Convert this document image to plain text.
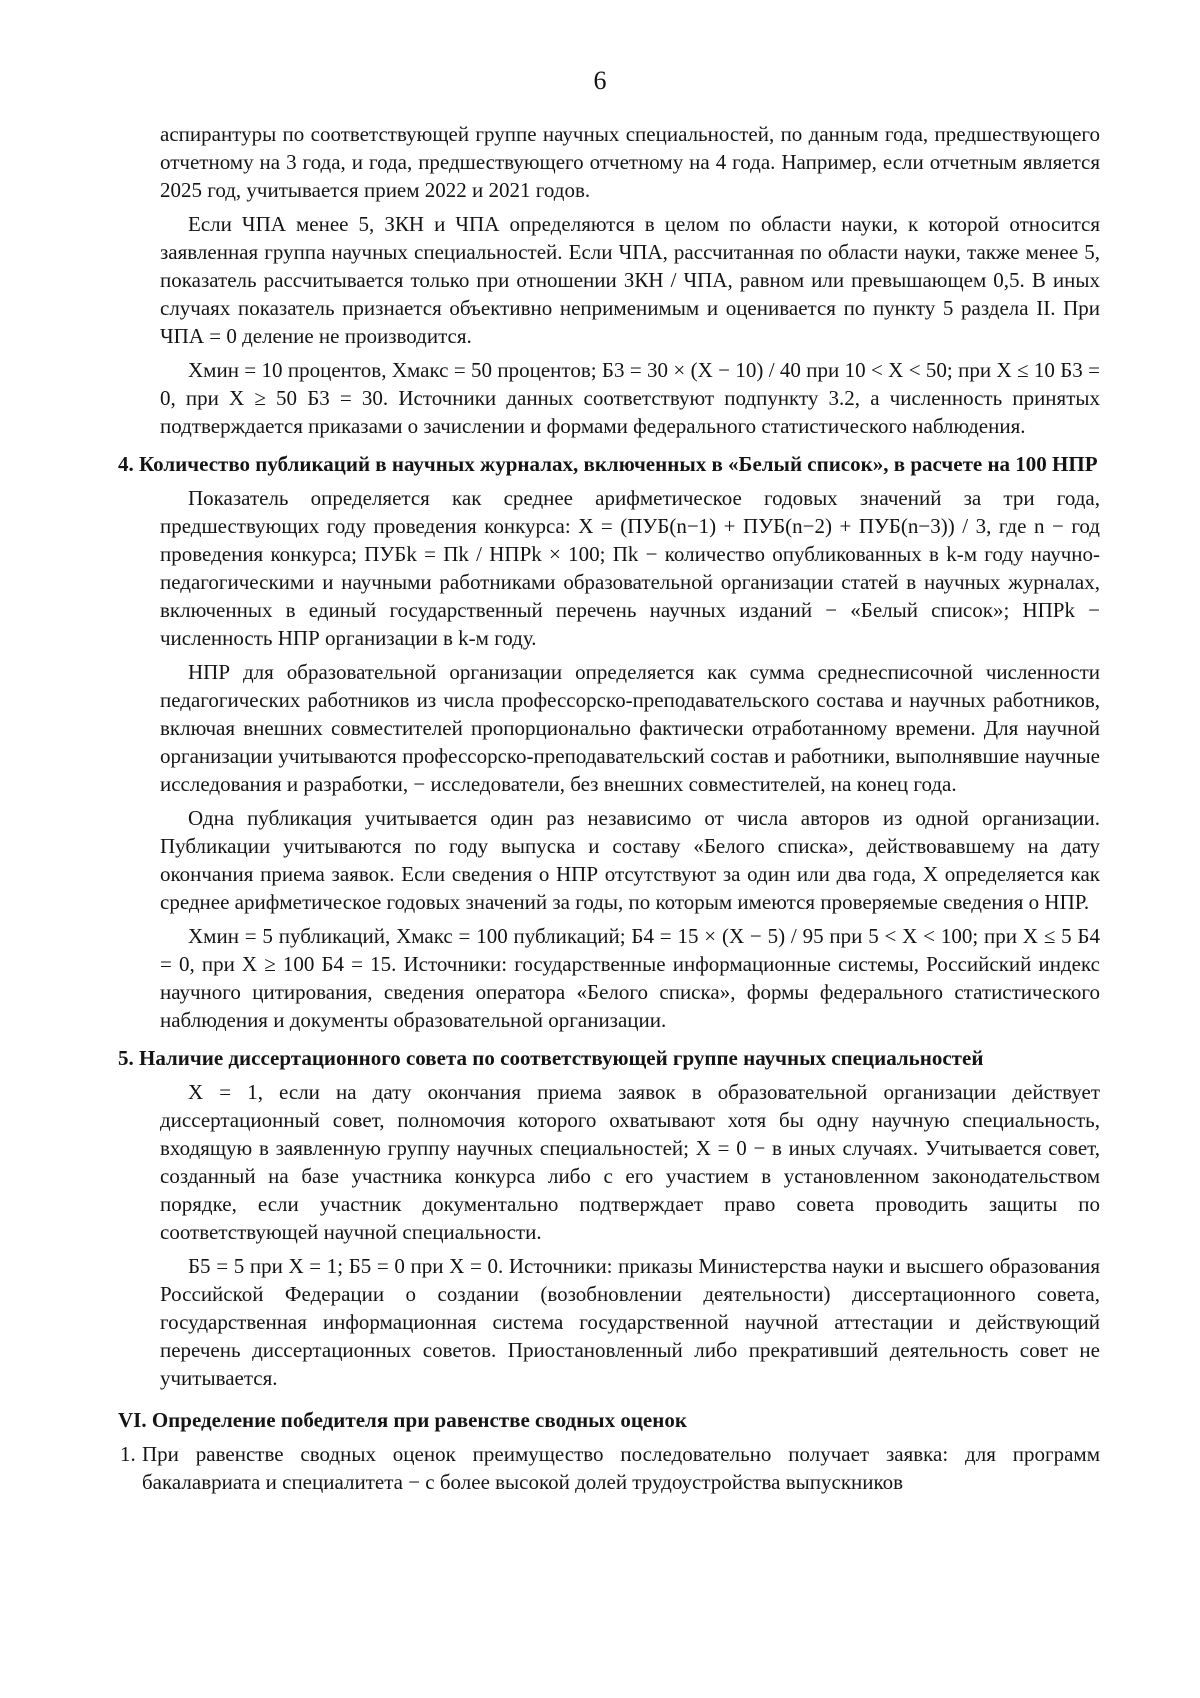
6

аспирантуры по соответствующей группе научных специальностей, по данным года, предшествующего отчетному на 3 года, и года, предшествующего отчетному на 4 года. Например, если отчетным является 2025 год, учитывается прием 2022 и 2021 годов.

Если ЧПА менее 5, ЗКН и ЧПА определяются в целом по области науки, к которой относится заявленная группа научных специальностей. Если ЧПА, рассчитанная по области науки, также менее 5, показатель рассчитывается только при отношении ЗКН / ЧПА, равном или превышающем 0,5. В иных случаях показатель признается объективно неприменимым и оценивается по пункту 5 раздела II. При ЧПА = 0 деление не производится.

Xмин = 10 процентов, Xмакс = 50 процентов; Б3 = 30 × (X − 10) / 40 при 10 < X < 50; при X ≤ 10 Б3 = 0, при X ≥ 50 Б3 = 30. Источники данных соответствуют подпункту 3.2, а численность принятых подтверждается приказами о зачислении и формами федерального статистического наблюдения.

4. Количество публикаций в научных журналах, включенных в «Белый список», в расчете на 100 НПР

Показатель определяется как среднее арифметическое годовых значений за три года, предшествующих году проведения конкурса: X = (ПУБ(n−1) + ПУБ(n−2) + ПУБ(n−3)) / 3, где n − год проведения конкурса; ПУБk = Пk / НПРk × 100; Пk − количество опубликованных в k-м году научно-педагогическими и научными работниками образовательной организации статей в научных журналах, включенных в единый государственный перечень научных изданий − «Белый список»; НПРk − численность НПР организации в k-м году.

НПР для образовательной организации определяется как сумма среднесписочной численности педагогических работников из числа профессорско-преподавательского состава и научных работников, включая внешних совместителей пропорционально фактически отработанному времени. Для научной организации учитываются профессорско-преподавательский состав и работники, выполнявшие научные исследования и разработки, − исследователи, без внешних совместителей, на конец года.

Одна публикация учитывается один раз независимо от числа авторов из одной организации. Публикации учитываются по году выпуска и составу «Белого списка», действовавшему на дату окончания приема заявок. Если сведения о НПР отсутствуют за один или два года, X определяется как среднее арифметическое годовых значений за годы, по которым имеются проверяемые сведения о НПР.

Xмин = 5 публикаций, Xмакс = 100 публикаций; Б4 = 15 × (X − 5) / 95 при 5 < X < 100; при X ≤ 5 Б4 = 0, при X ≥ 100 Б4 = 15. Источники: государственные информационные системы, Российский индекс научного цитирования, сведения оператора «Белого списка», формы федерального статистического наблюдения и документы образовательной организации.

5. Наличие диссертационного совета по соответствующей группе научных специальностей

X = 1, если на дату окончания приема заявок в образовательной организации действует диссертационный совет, полномочия которого охватывают хотя бы одну научную специальность, входящую в заявленную группу научных специальностей; X = 0 − в иных случаях. Учитывается совет, созданный на базе участника конкурса либо с его участием в установленном законодательством порядке, если участник документально подтверждает право совета проводить защиты по соответствующей научной специальности.

Б5 = 5 при X = 1; Б5 = 0 при X = 0. Источники: приказы Министерства науки и высшего образования Российской Федерации о создании (возобновлении деятельности) диссертационного совета, государственная информационная система государственной научной аттестации и действующий перечень диссертационных советов. Приостановленный либо прекративший деятельность совет не учитывается.

VI. Определение победителя при равенстве сводных оценок

1. При равенстве сводных оценок преимущество последовательно получает заявка: для программ бакалавриата и специалитета − с более высокой долей трудоустройства выпускников
